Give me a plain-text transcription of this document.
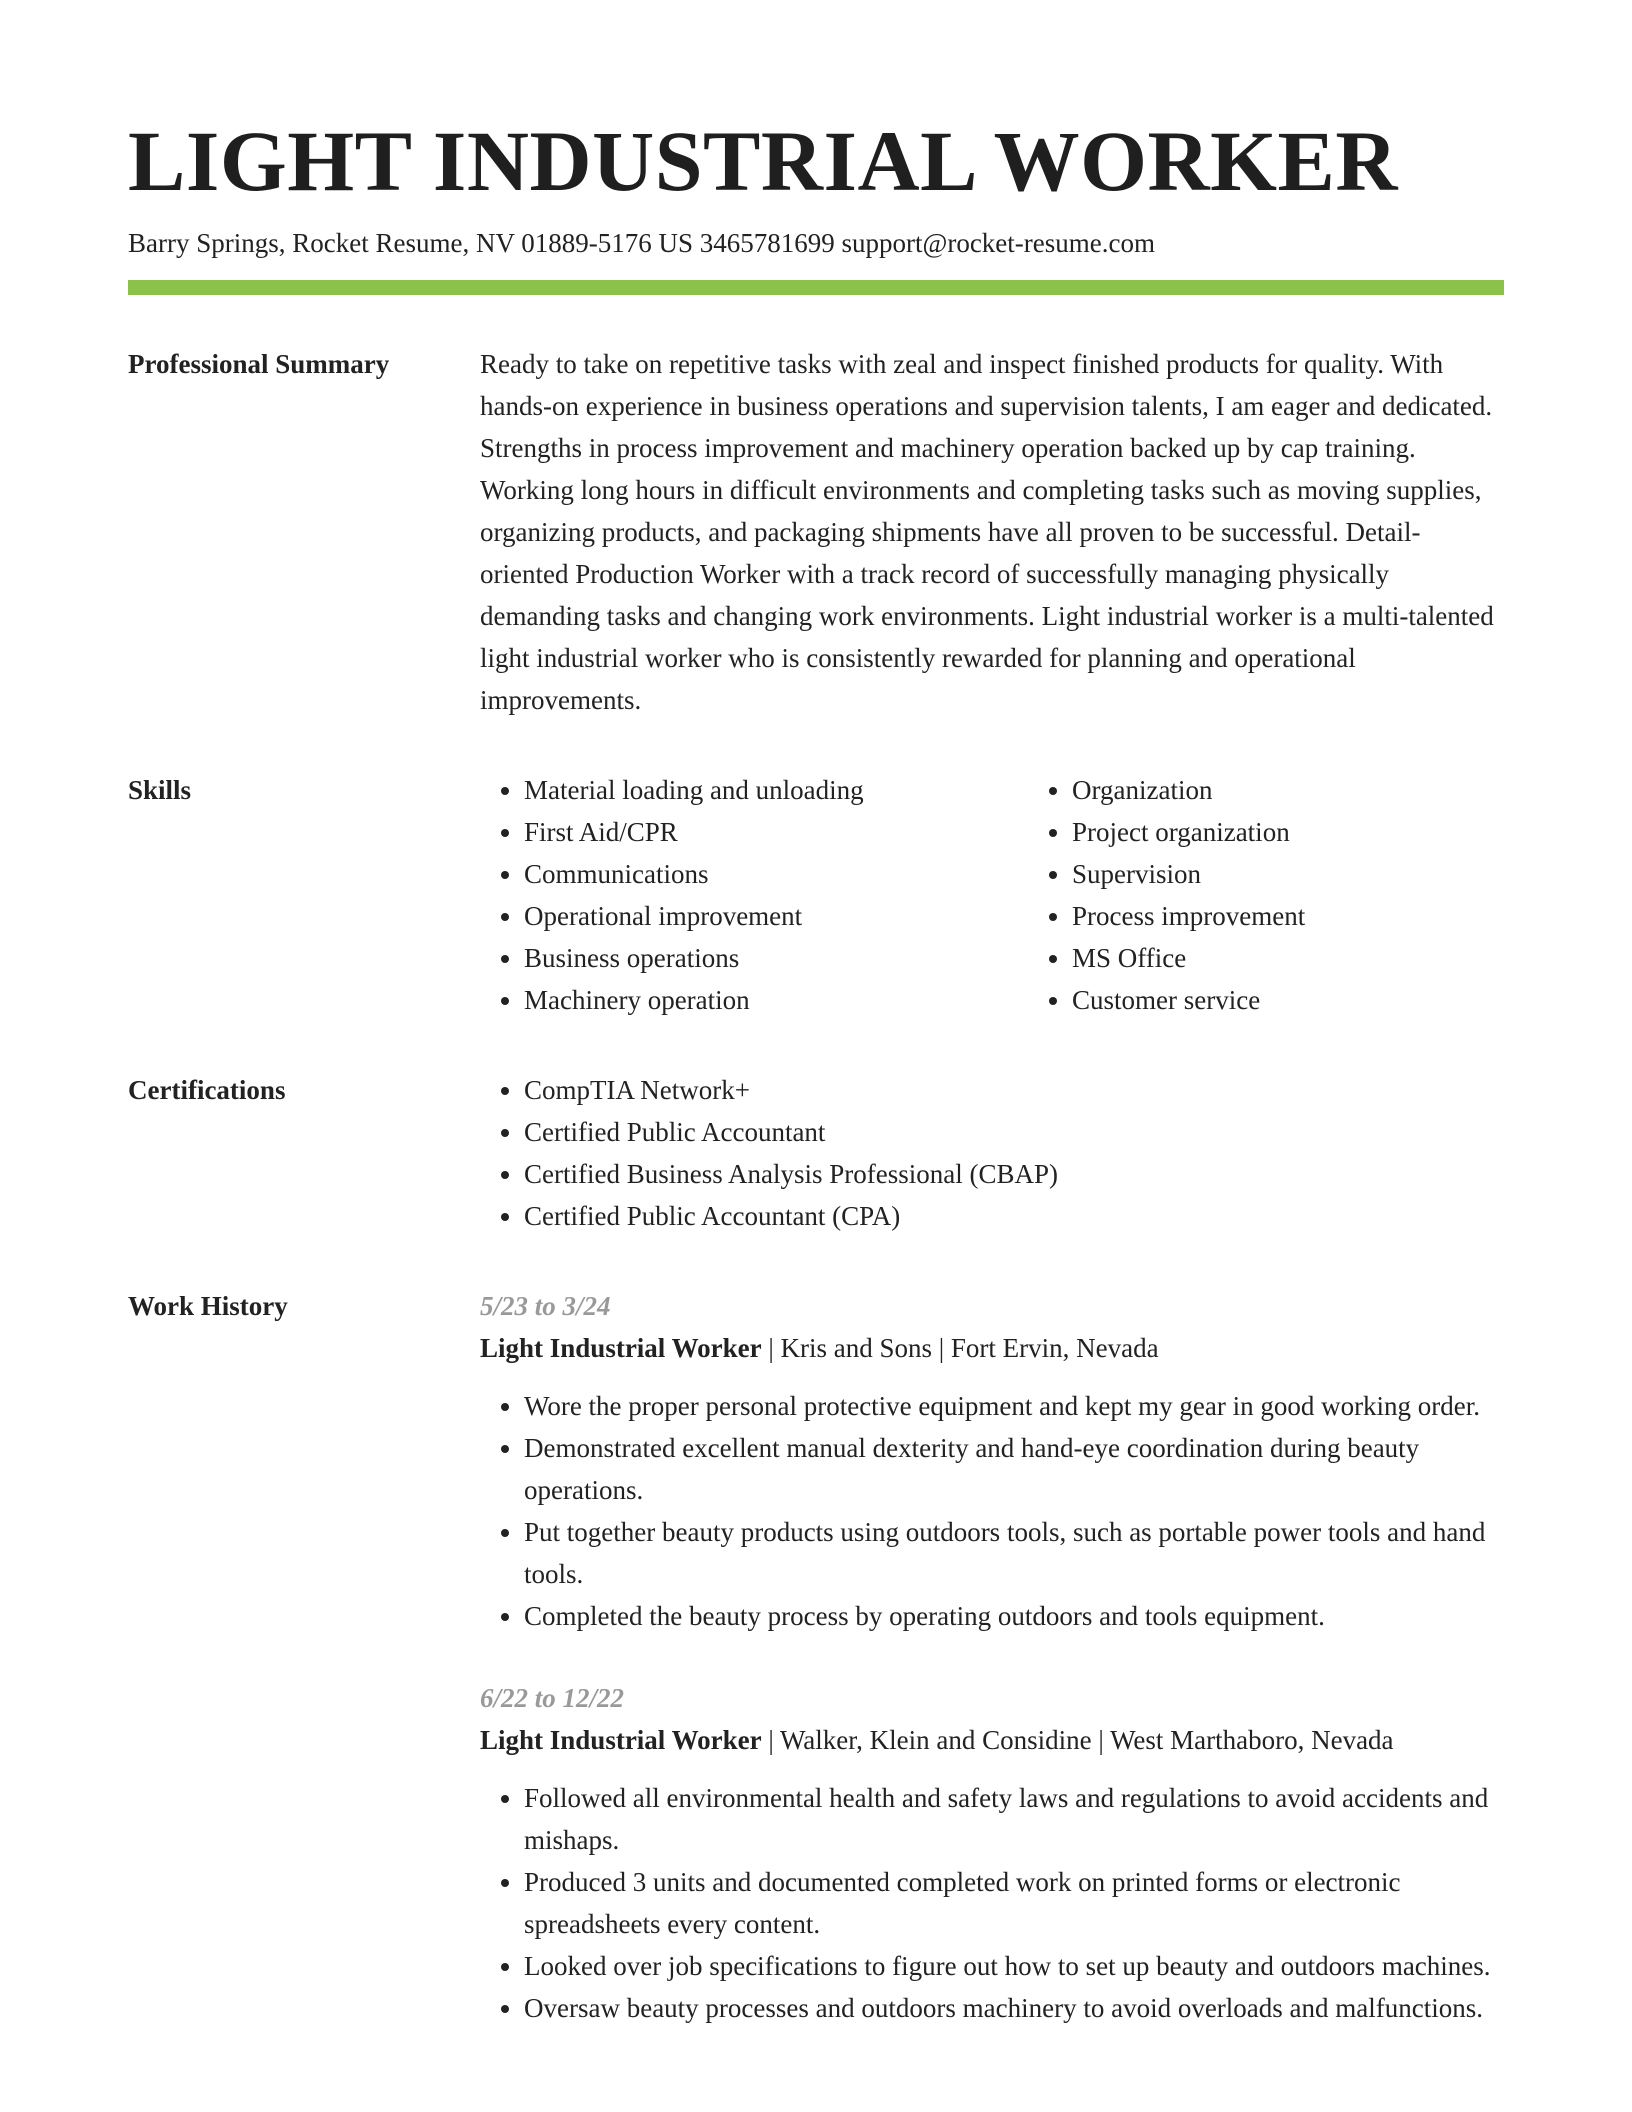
LIGHT INDUSTRIAL WORKER
Barry Springs, Rocket Resume, NV 01889-5176 US 3465781699 support@rocket-resume.com
Professional Summary	Ready to take on repetitive tasks with zeal and inspect finished products for quality. With hands-on experience in business operations and supervision talents, I am eager and dedicated. Strengths in process improvement and machinery operation backed up by cap training. Working long hours in difficult environments and completing tasks such as moving supplies, organizing products, and packaging shipments have all proven to be successful. Detail-oriented Production Worker with a track record of successfully managing physically demanding tasks and changing work environments. Light industrial worker is a multi-talented light industrial worker who is consistently rewarded for planning and operational improvements.

Skills	• Material loading and unloading
• First Aid/CPR
• Communications
• Operational improvement
• Business operations
• Machinery operation
• Organization
• Project organization
• Supervision
• Process improvement
• MS Office
• Customer service
Certifications	• CompTIA Network+
• Certified Public Accountant
• Certified Business Analysis Professional (CBAP)
• Certified Public Accountant (CPA)
Work History	5/23 to 3/24
Light Industrial Worker | Kris and Sons | Fort Ervin, Nevada
• Wore the proper personal protective equipment and kept my gear in good working order.
• Demonstrated excellent manual dexterity and hand-eye coordination during beauty operations.
• Put together beauty products using outdoors tools, such as portable power tools and hand tools.
• Completed the beauty process by operating outdoors and tools equipment.
6/22 to 12/22
Light Industrial Worker | Walker, Klein and Considine | West Marthaboro, Nevada
• Followed all environmental health and safety laws and regulations to avoid accidents and mishaps.
• Produced 3 units and documented completed work on printed forms or electronic spreadsheets every content.
• Looked over job specifications to figure out how to set up beauty and outdoors machines.
• Oversaw beauty processes and outdoors machinery to avoid overloads and malfunctions.
